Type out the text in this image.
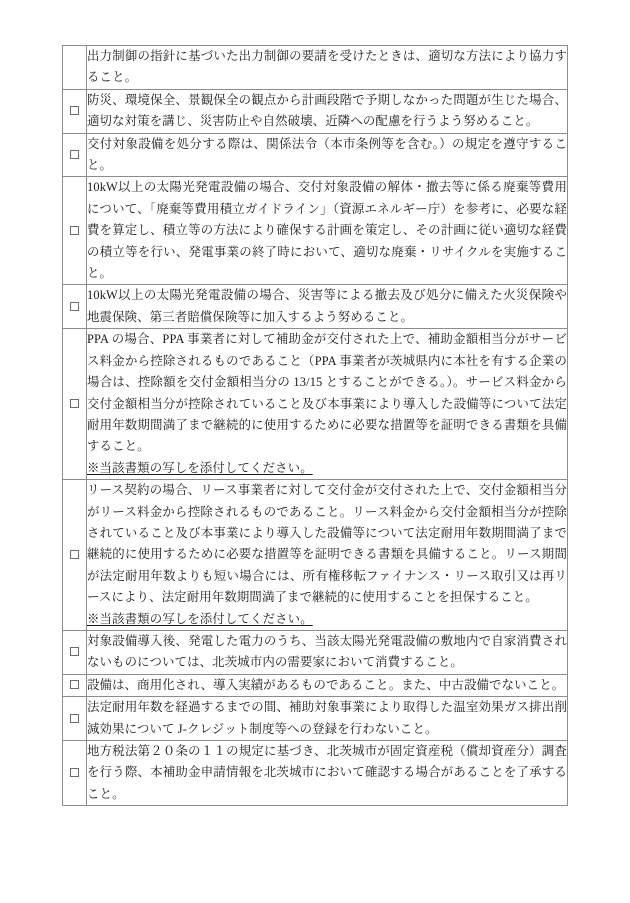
	出力制御の指針に基づいた出力制御の要請を受けたときは、適切な方法により協力すること。

	防災、環境保全、景観保全の観点から計画段階で予期しなかった問題が生じた場合、適切な対策を講じ、災害防止や自然破壊、近隣への配慮を行うよう努めること。

	交付対象設備を処分する際は、関係法令（本市条例等を含む。）の規定を遵守すること。

	10kW以上の太陽光発電設備の場合、交付対象設備の解体・撤去等に係る廃棄等費用について、「廃棄等費用積立ガイドライン」（資源エネルギー庁）を参考に、必要な経費を算定し、積立等の方法により確保する計画を策定し、その計画に従い適切な経費の積立等を行い、発電事業の終了時において、適切な廃棄・リサイクルを実施すること。

	10kW以上の太陽光発電設備の場合、災害等による撤去及び処分に備えた火災保険や地震保険、第三者賠償保険等に加入するよう努めること。

	PPA の場合、PPA 事業者に対して補助金が交付された上で、補助金額相当分がサービス料金から控除されるものであること（PPA 事業者が茨城県内に本社を有する企業の場合は、控除額を交付金額相当分の 13/15 とすることができる。）。サービス料金から交付金額相当分が控除されていること及び本事業により導入した設備等について法定耐用年数期間満了まで継続的に使用するために必要な措置等を証明できる書類を具備すること。

※当該書類の写しを添付してください。

	リース契約の場合、リース事業者に対して交付金が交付された上で、交付金額相当分がリース料金から控除されるものであること。リース料金から交付金額相当分が控除されていること及び本事業により導入した設備等について法定耐用年数期間満了まで継続的に使用するために必要な措置等を証明できる書類を具備すること。リース期間が法定耐用年数よりも短い場合には、所有権移転ファイナンス・リース取引又は再リースにより、法定耐用年数期間満了まで継続的に使用することを担保すること。

※当該書類の写しを添付してください。

	対象設備導入後、発電した電力のうち、当該太陽光発電設備の敷地内で自家消費されないものについては、北茨城市内の需要家において消費すること。

	設備は、商用化され、導入実績があるものであること。また、中古設備でないこと。

	法定耐用年数を経過するまでの間、補助対象事業により取得した温室効果ガス排出削減効果について J-クレジット制度等への登録を行わないこと。

	地方税法第２０条の１１の規定に基づき、北茨城市が固定資産税（償却資産分）調査を行う際、本補助金申請情報を北茨城市において確認する場合があることを了承すること。
